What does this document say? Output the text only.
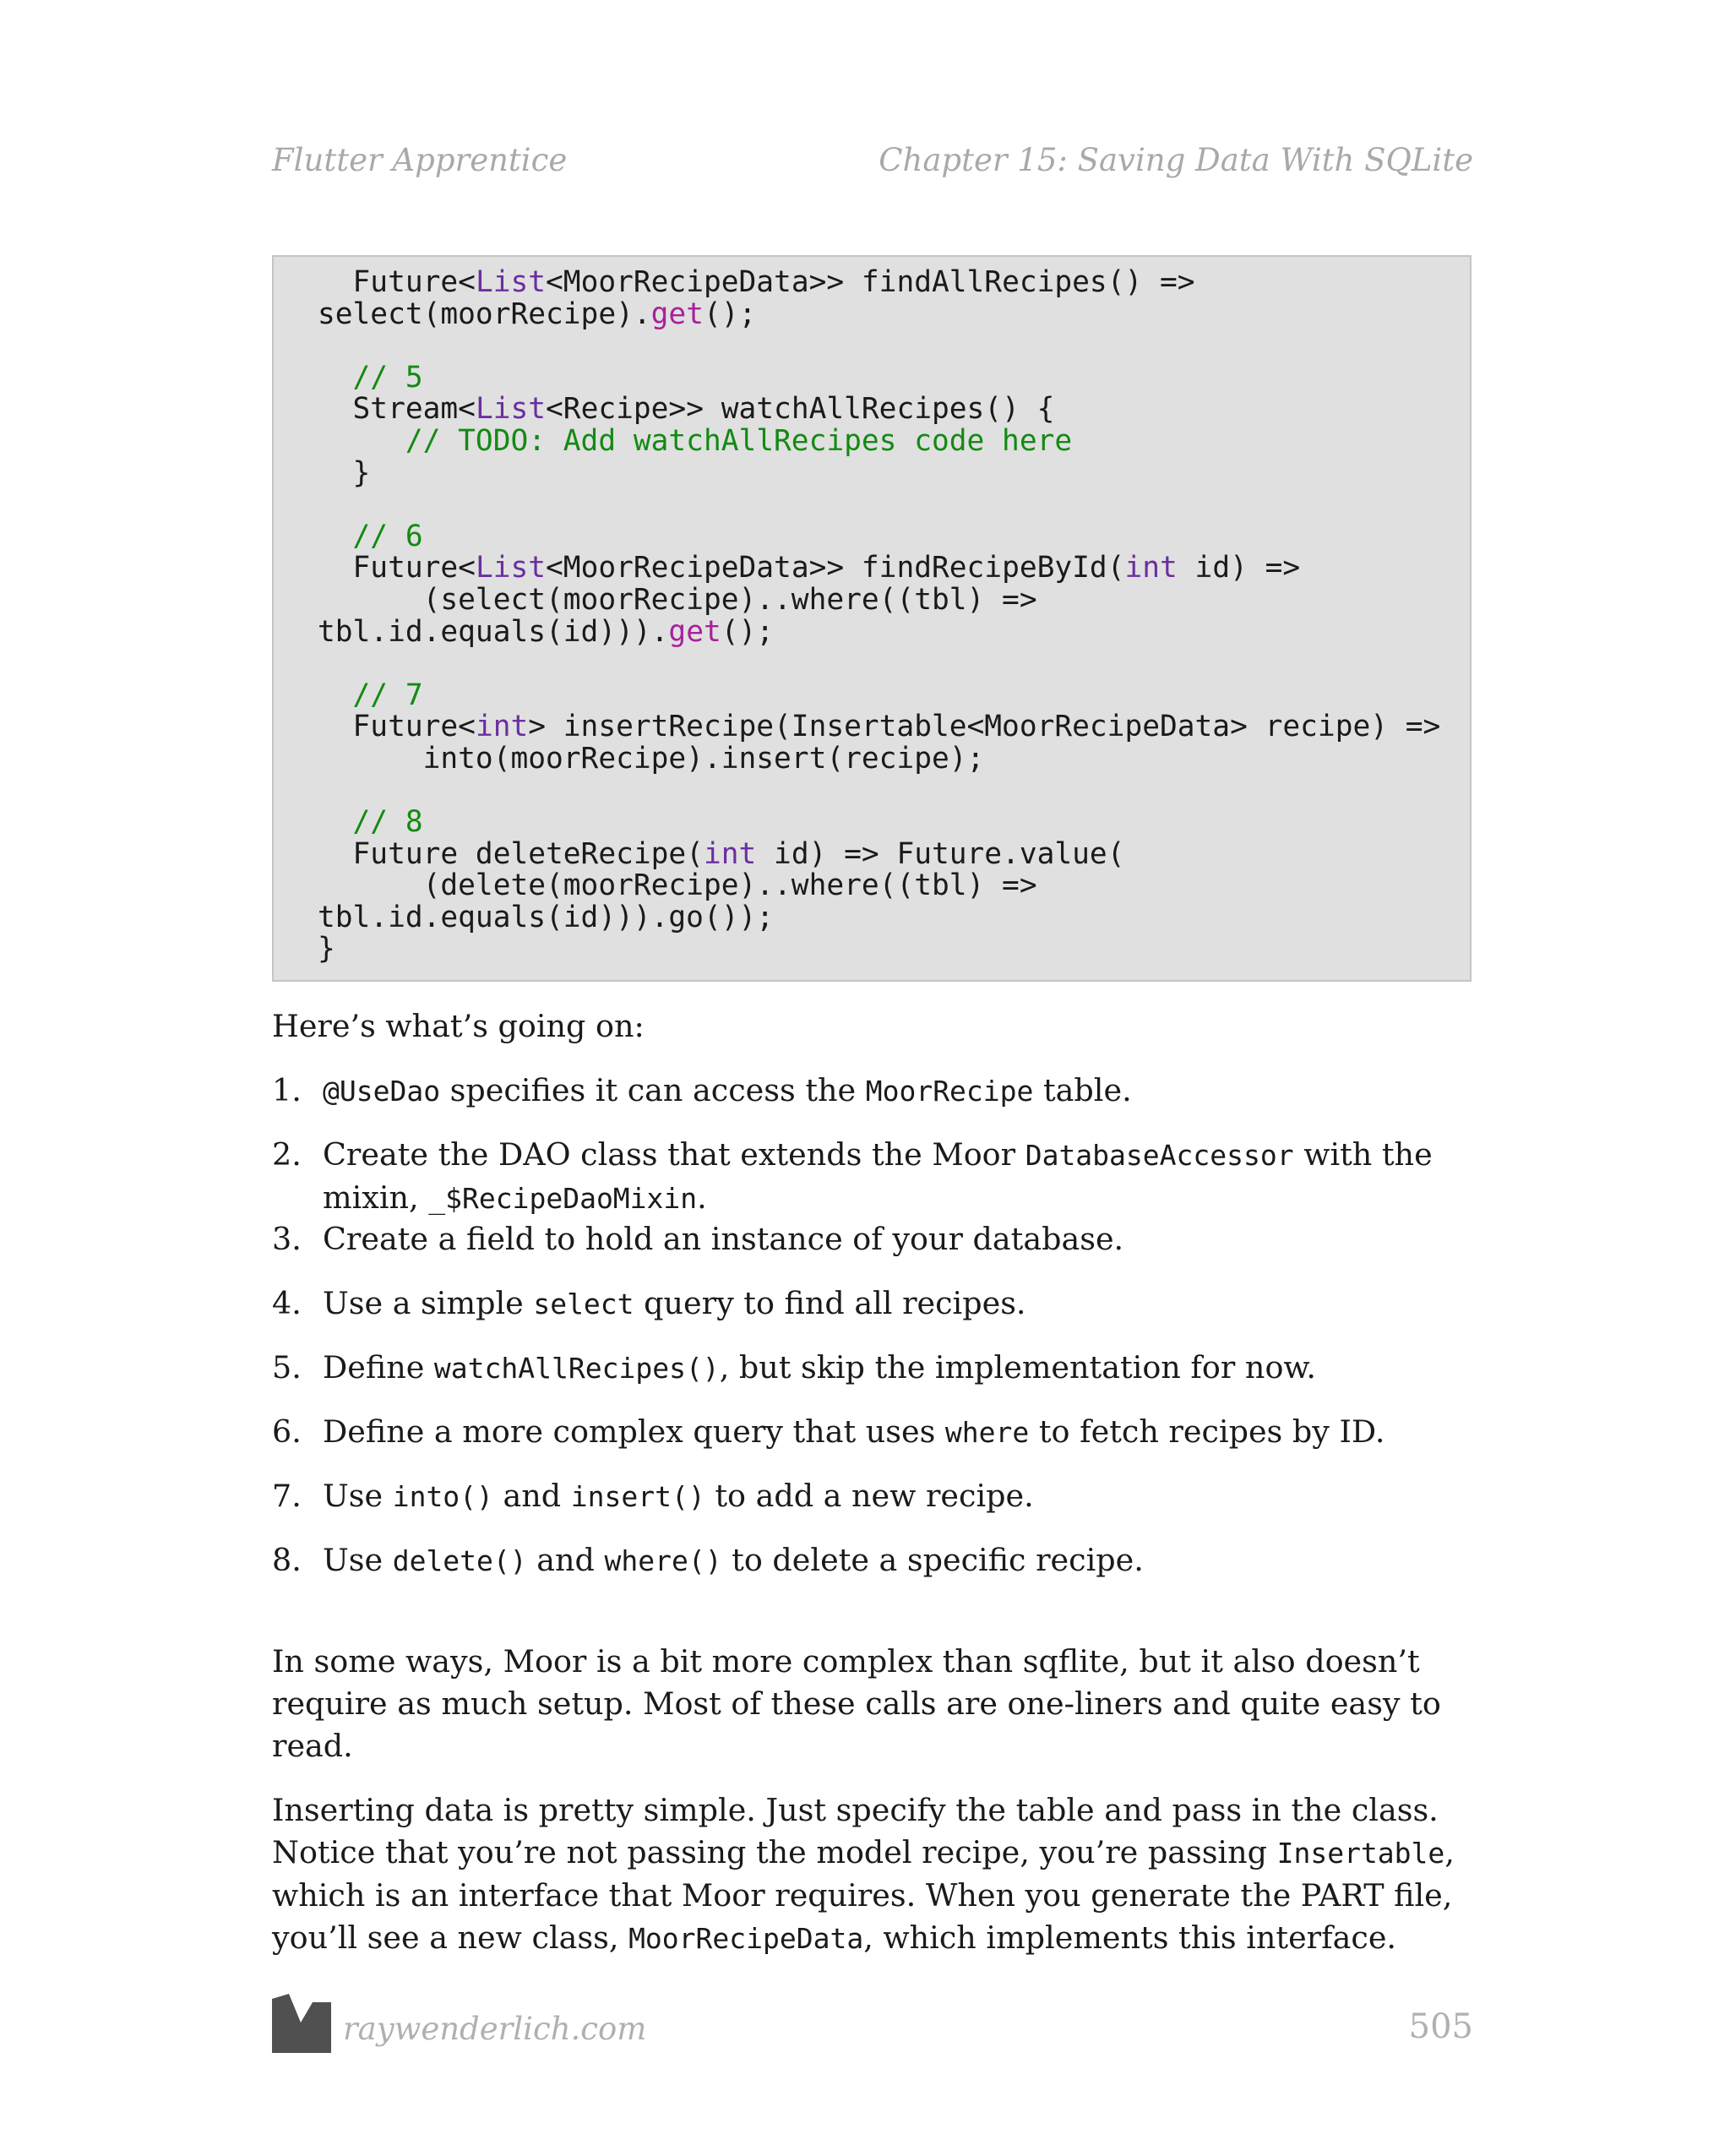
Flutter Apprentice	Chapter 15: Saving Data With SQLite
Future<List<MoorRecipeData>> findAllRecipes() =>
select(moorRecipe).get();

// 5
Stream<List<Recipe>> watchAllRecipes() {
// TODO: Add watchAllRecipes code here
}

// 6
Future<List<MoorRecipeData>> findRecipeById(int id) =>
(select(moorRecipe)..where((tbl) =>
tbl.id.equals(id))).get();

// 7
Future<int> insertRecipe(Insertable<MoorRecipeData> recipe) =>
into(moorRecipe).insert(recipe);

// 8
Future deleteRecipe(int id) => Future.value(
(delete(moorRecipe)..where((tbl) =>
tbl.id.equals(id))).go());
}
Here’s what’s going on:
1. @UseDao specifies it can access the MoorRecipe table.
2. Create the DAO class that extends the Moor DatabaseAccessor with the mixin, _$RecipeDaoMixin.
3. Create a field to hold an instance of your database.
4. Use a simple select query to find all recipes.
5. Define watchAllRecipes(), but skip the implementation for now.
6. Define a more complex query that uses where to fetch recipes by ID.
7. Use into() and insert() to add a new recipe.
8. Use delete() and where() to delete a specific recipe.
In some ways, Moor is a bit more complex than sqflite, but it also doesn’t require as much setup. Most of these calls are one-liners and quite easy to read.
Inserting data is pretty simple. Just specify the table and pass in the class. Notice that you’re not passing the model recipe, you’re passing Insertable, which is an interface that Moor requires. When you generate the PART file, you’ll see a new class, MoorRecipeData, which implements this interface.
raywenderlich.com	505
